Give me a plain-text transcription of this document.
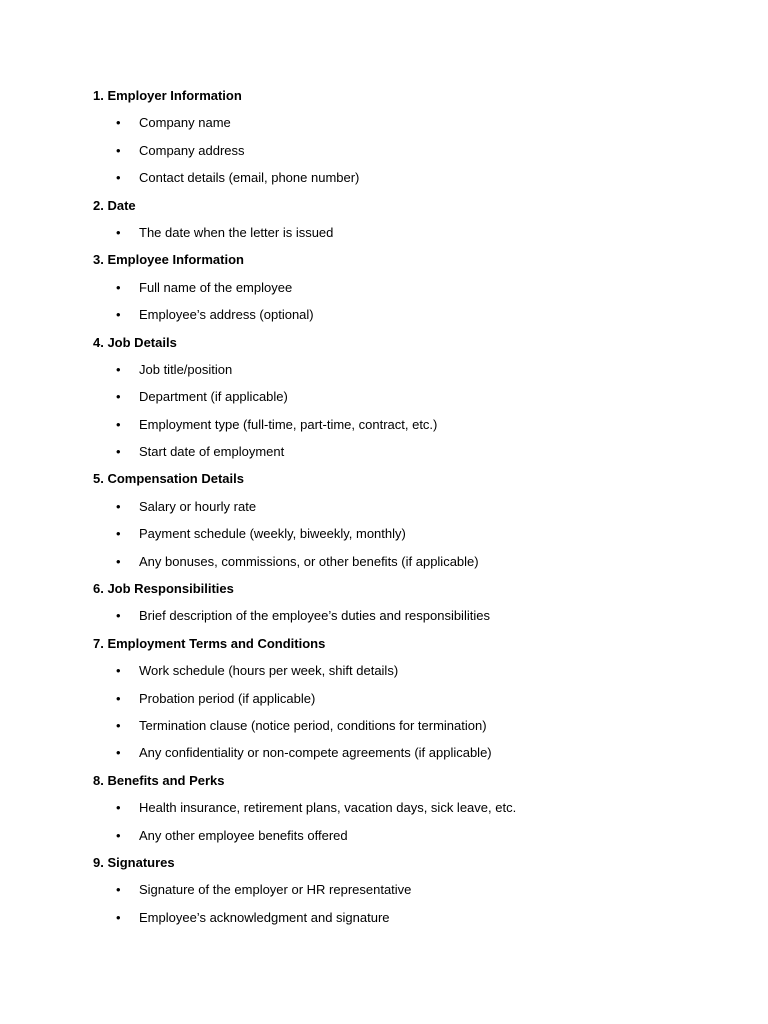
1. Employer Information
•	Company name
•	Company address
•	Contact details (email, phone number)
2. Date
•	The date when the letter is issued
3. Employee Information
•	Full name of the employee
•	Employee’s address (optional)
4. Job Details
•	Job title/position
•	Department (if applicable)
•	Employment type (full-time, part-time, contract, etc.)
•	Start date of employment
5. Compensation Details
•	Salary or hourly rate
•	Payment schedule (weekly, biweekly, monthly)
•	Any bonuses, commissions, or other benefits (if applicable)
6. Job Responsibilities
•	Brief description of the employee’s duties and responsibilities
7. Employment Terms and Conditions
•	Work schedule (hours per week, shift details)
•	Probation period (if applicable)
•	Termination clause (notice period, conditions for termination)
•	Any confidentiality or non-compete agreements (if applicable)
8. Benefits and Perks
•	Health insurance, retirement plans, vacation days, sick leave, etc.
•	Any other employee benefits offered
9. Signatures
•	Signature of the employer or HR representative
•	Employee’s acknowledgment and signature
